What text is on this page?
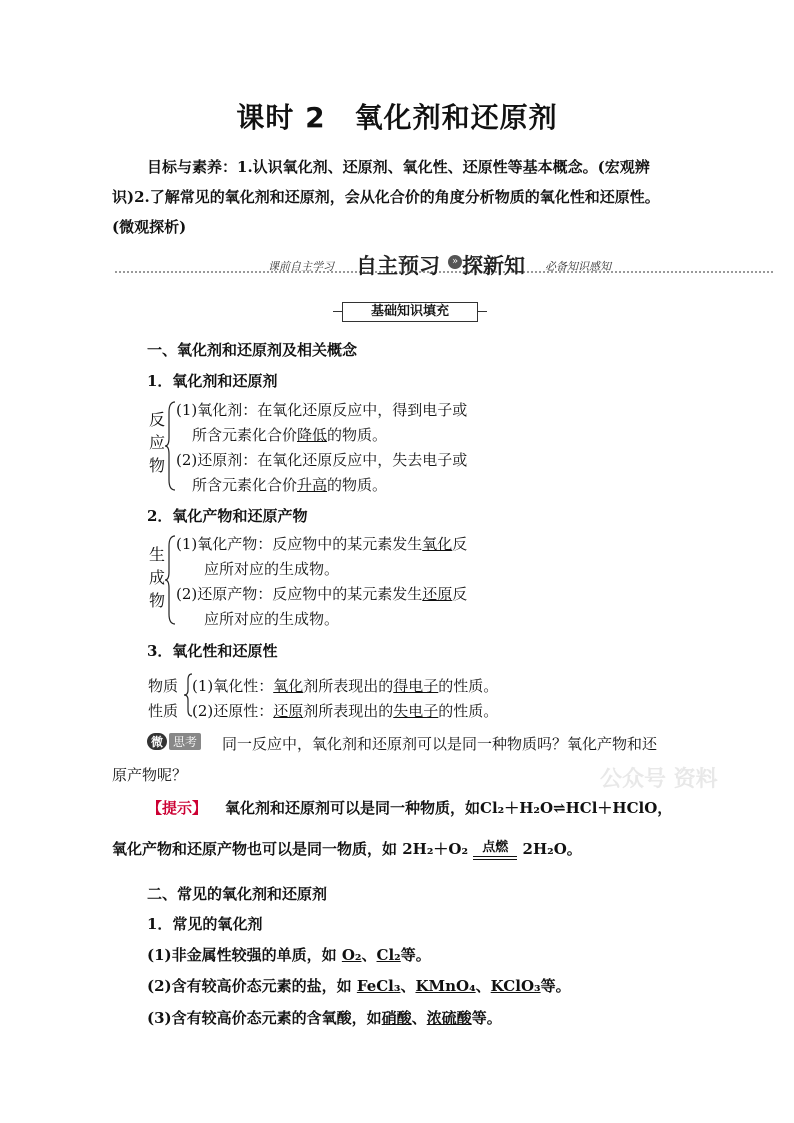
课时 2　氧化剂和还原剂
目标与素养：1.认识氧化剂、还原剂、氧化性、还原性等基本概念。(宏观辨
识)2.了解常见的氧化剂和还原剂，会从化合价的角度分析物质的氧化性和还原性。
(微观探析)
课前自主学习 自主预习 探新知
»	必备知识感知
基础知识填充
一、氧化剂和还原剂及相关概念
1．氧化剂和还原剂
反应物
(1)氧化剂：在氧化还原反应中，得到电子或
所含元素化合价降低的物质。
(2)还原剂：在氧化还原反应中，失去电子或
所含元素化合价升高的物质。
2．氧化产物和还原产物
生成物
(1)氧化产物：反应物中的某元素发生氧化反
应所对应的生成物。
(2)还原产物：反应物中的某元素发生还原反
应所对应的生成物。
3．氧化性和还原性
物质
性质
(1)氧化性：氧化剂所表现出的得电子的性质。
(2)还原性：还原剂所表现出的失电子的性质。
微 思考 同一反应中，氧化剂和还原剂可以是同一种物质吗？氧化产物和还
原产物呢？	公众号 资料
【提示】 氧化剂和还原剂可以是同一种物质，如Cl₂＋H₂O⇌HCl＋HClO，
氧化产物和还原产物也可以是同一物质，如 2H₂＋O₂	点燃 2H₂O。
二、常见的氧化剂和还原剂
1．常见的氧化剂
(1)非金属性较强的单质，如 O₂、Cl₂等。
(2)含有较高价态元素的盐，如 FeCl₃、KMnO₄、KClO₃等。
(3)含有较高价态元素的含氧酸，如硝酸、浓硫酸等。
